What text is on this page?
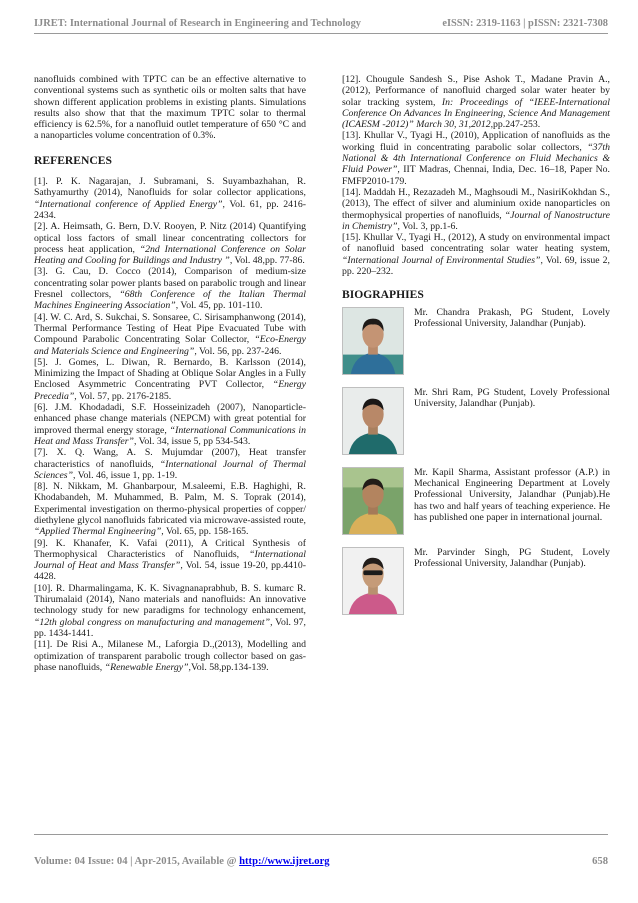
IJRET: International Journal of Research in Engineering and Technology	eISSN: 2319-1163 | pISSN: 2321-7308

nanofluids combined with TPTC can be an effective alternative to conventional systems such as synthetic oils or molten salts that have shown different application problems in existing plants. Simulations results also show that that the maximum TPTC solar to thermal efficiency is 62.5%, for a nanofluid outlet temperature of 650 °C and a nanoparticles volume concentration of 0.3%.

REFERENCES

[1]. P. K. Nagarajan, J. Subramani, S. Suyambazhahan, R. Sathyamurthy (2014), Nanofluids for solar collector applications, “International conference of Applied Energy”, Vol. 61, pp. 2416-2434.

[2]. A. Heimsath, G. Bern, D.V. Rooyen, P. Nitz (2014) Quantifying optical loss factors of small linear concentrating collectors for process heat application, “2nd International Conference on Solar Heating and Cooling for Buildings and Industry ”, Vol. 48,pp. 77-86.

[3]. G. Cau, D. Cocco (2014), Comparison of medium-size concentrating solar power plants based on parabolic trough and linear Fresnel collectors, “68th Conference of the Italian Thermal Machines Engineering Association”, Vol. 45, pp. 101-110.

[4]. W. C. Ard, S. Sukchai, S. Sonsaree, C. Sirisamphanwong (2014), Thermal Performance Testing of Heat Pipe Evacuated Tube with Compound Parabolic Concentrating Solar Collector, “Eco-Energy and Materials Science and Engineering”, Vol. 56, pp. 237-246.

[5]. J. Gomes, L. Diwan, R. Bernardo, B. Karlsson (2014), Minimizing the Impact of Shading at Oblique Solar Angles in a Fully Enclosed Asymmetric Concentrating PVT Collector, “Energy Precedia”, Vol. 57, pp. 2176-2185.

[6]. J.M. Khodadadi, S.F. Hosseinizadeh (2007), Nanoparticle-enhanced phase change materials (NEPCM) with great potential for improved thermal energy storage, “International Communications in Heat and Mass Transfer”, Vol. 34, issue 5, pp 534-543.

[7]. X. Q. Wang, A. S. Mujumdar (2007), Heat transfer characteristics of nanofluids, “International Journal of Thermal Sciences”, Vol. 46, issue 1, pp. 1-19.

[8]. N. Nikkam, M. Ghanbarpour, M.saleemi, E.B. Haghighi, R. Khodabandeh, M. Muhammed, B. Palm, M. S. Toprak (2014), Experimental investigation on thermo-physical properties of copper/ diethylene glycol nanofluids fabricated via microwave-assisted route, “Applied Thermal Engineering”, Vol. 65, pp. 158-165.

[9]. K. Khanafer, K. Vafai (2011), A Critical Synthesis of Thermophysical Characteristics of Nanofluids, “International Journal of Heat and Mass Transfer”, Vol. 54, issue 19-20, pp.4410-4428.

[10]. R. Dharmalingama, K. K. Sivagnanaprabhub, B. S. kumarc R. Thirumalaid (2014), Nano materials and nanofluids: An innovative technology study for new paradigms for technology enhancement, “12th global congress on manufacturing and management”, Vol. 97, pp. 1434-1441.

[11]. De Risi A., Milanese M., Laforgia D.,(2013), Modelling and optimization of transparent parabolic trough collector based on gas-phase nanofluids, “Renewable Energy”,Vol. 58,pp.134-139.

[12]. Chougule Sandesh S., Pise Ashok T., Madane Pravin A.,(2012), Performance of nanofluid charged solar water heater by solar tracking system, In: Proceedings of “IEEE-International Conference On Advances In Engineering, Science And Management (ICAESM -2012)” March 30, 31,2012,pp.247-253.

[13]. Khullar V., Tyagi H., (2010), Application of nanofluids as the working fluid in concentrating parabolic solar collectors, “37th National & 4th International Conference on Fluid Mechanics & Fluid Power”, IIT Madras, Chennai, India, Dec. 16–18, Paper No. FMFP2010-179.

[14]. Maddah H., Rezazadeh M., Maghsoudi M., NasiriKokhdan S., (2013), The effect of silver and aluminium oxide nanoparticles on thermophysical properties of nanofluids, “Journal of Nanostructure in Chemistry”, Vol. 3, pp.1-6.

[15]. Khullar V., Tyagi H., (2012), A study on environmental impact of nanofluid based concentrating solar water heating system, “International Journal of Environmental Studies”, Vol. 69, issue 2, pp. 220–232.

BIOGRAPHIES

Mr. Chandra Prakash, PG Student, Lovely Professional University, Jalandhar (Punjab).

Mr. Shri Ram, PG Student, Lovely Professional University, Jalandhar (Punjab).

Mr. Kapil Sharma, Assistant professor (A.P.) in Mechanical Engineering Department at Lovely Professional University, Jalandhar (Punjab).He has two and half years of teaching experience. He has published one paper in international journal.

Mr. Parvinder Singh, PG Student, Lovely Professional University, Jalandhar (Punjab).

Volume: 04 Issue: 04 | Apr-2015, Available @ http://www.ijret.org	658
